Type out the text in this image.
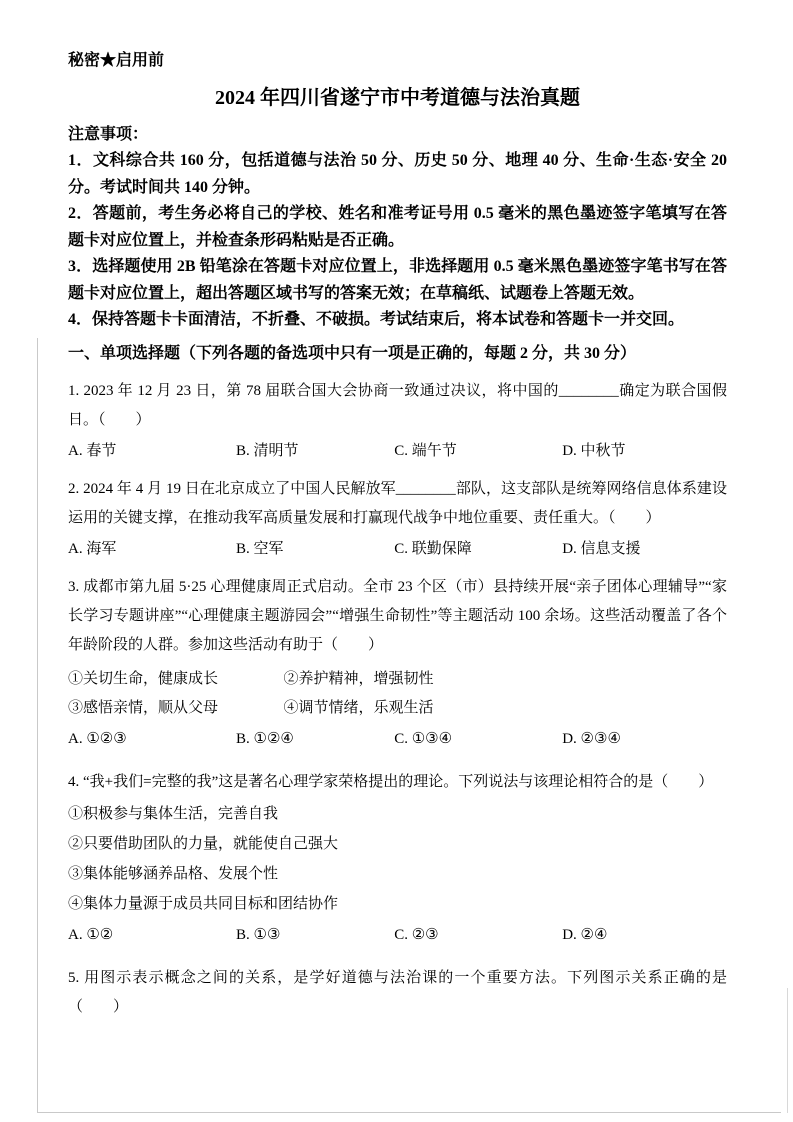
秘密★启用前
2024 年四川省遂宁市中考道德与法治真题
注意事项：

1．文科综合共 160 分，包括道德与法治 50 分、历史 50 分、地理 40 分、生命·生态·安全 20 分。考试时间共 140 分钟。

2．答题前，考生务必将自己的学校、姓名和准考证号用 0.5 毫米的黑色墨迹签字笔填写在答题卡对应位置上，并检查条形码粘贴是否正确。

3．选择题使用 2B 铅笔涂在答题卡对应位置上，非选择题用 0.5 毫米黑色墨迹签字笔书写在答题卡对应位置上，超出答题区域书写的答案无效；在草稿纸、试题卷上答题无效。

4．保持答题卡卡面清洁，不折叠、不破损。考试结束后，将本试卷和答题卡一并交回。

一、单项选择题（下列各题的备选项中只有一项是正确的，每题 2 分，共 30 分）

1. 2023 年 12 月 23 日，第 78 届联合国大会协商一致通过决议，将中国的________确定为联合国假日。（　　）

A. 春节	B. 清明节	C. 端午节	D. 中秋节

2. 2024 年 4 月 19 日在北京成立了中国人民解放军________部队，这支部队是统筹网络信息体系建设运用的关键支撑，在推动我军高质量发展和打赢现代战争中地位重要、责任重大。（　　）

A. 海军	B. 空军	C. 联勤保障	D. 信息支援

3. 成都市第九届 5·25 心理健康周正式启动。全市 23 个区（市）县持续开展“亲子团体心理辅导”“家长学习专题讲座”“心理健康主题游园会”“增强生命韧性”等主题活动 100 余场。这些活动覆盖了各个年龄阶段的人群。参加这些活动有助于（　　）

①关切生命，健康成长	②养护精神，增强韧性
③感悟亲情，顺从父母	④调节情绪，乐观生活
A. ①②③	B. ①②④	C. ①③④	D. ②③④

4. “我+我们=完整的我”这是著名心理学家荣格提出的理论。下列说法与该理论相符合的是（　　）

①积极参与集体生活，完善自我

②只要借助团队的力量，就能使自己强大

③集体能够涵养品格、发展个性

④集体力量源于成员共同目标和团结协作

A. ①②	B. ①③	C. ②③	D. ②④

5. 用图示表示概念之间的关系，是学好道德与法治课的一个重要方法。下列图示关系正确的是（　　）
